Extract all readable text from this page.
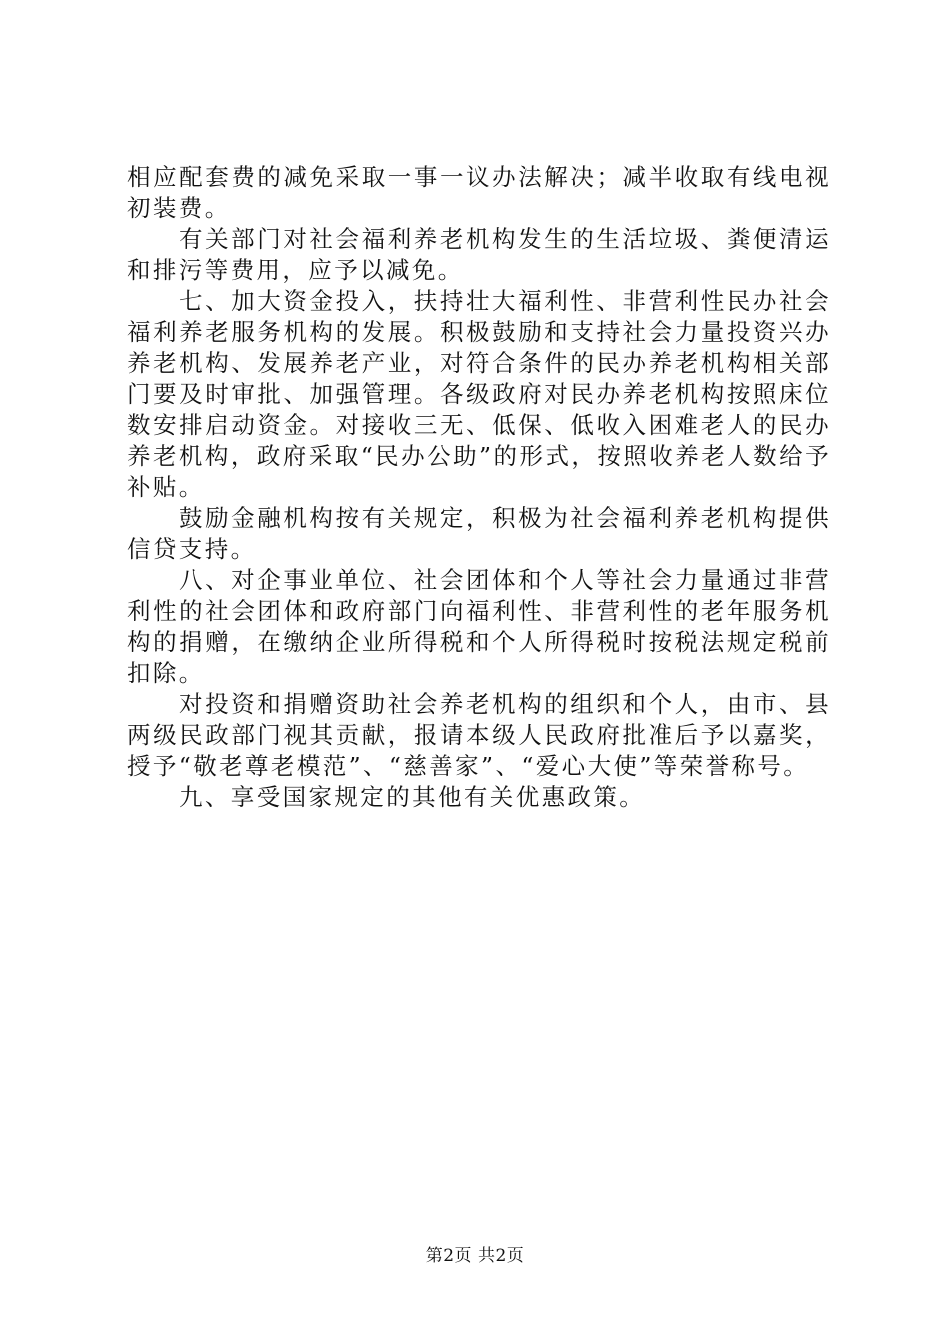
相应配套费的减免采取一事一议办法解决；减半收取有线电视初装费。

有关部门对社会福利养老机构发生的生活垃圾、粪便清运和排污等费用，应予以减免。

七、加大资金投入，扶持壮大福利性、非营利性民办社会福利养老服务机构的发展。积极鼓励和支持社会力量投资兴办养老机构、发展养老产业，对符合条件的民办养老机构相关部门要及时审批、加强管理。各级政府对民办养老机构按照床位数安排启动资金。对接收三无、低保、低收入困难老人的民办养老机构，政府采取“民办公助”的形式，按照收养老人数给予补贴。

鼓励金融机构按有关规定，积极为社会福利养老机构提供信贷支持。

八、对企事业单位、社会团体和个人等社会力量通过非营利性的社会团体和政府部门向福利性、非营利性的老年服务机构的捐赠，在缴纳企业所得税和个人所得税时按税法规定税前扣除。

对投资和捐赠资助社会养老机构的组织和个人，由市、县两级民政部门视其贡献，报请本级人民政府批准后予以嘉奖，授予“敬老尊老模范”、“慈善家”、“爱心大使”等荣誉称号。

九、享受国家规定的其他有关优惠政策。

第2页 共2页
